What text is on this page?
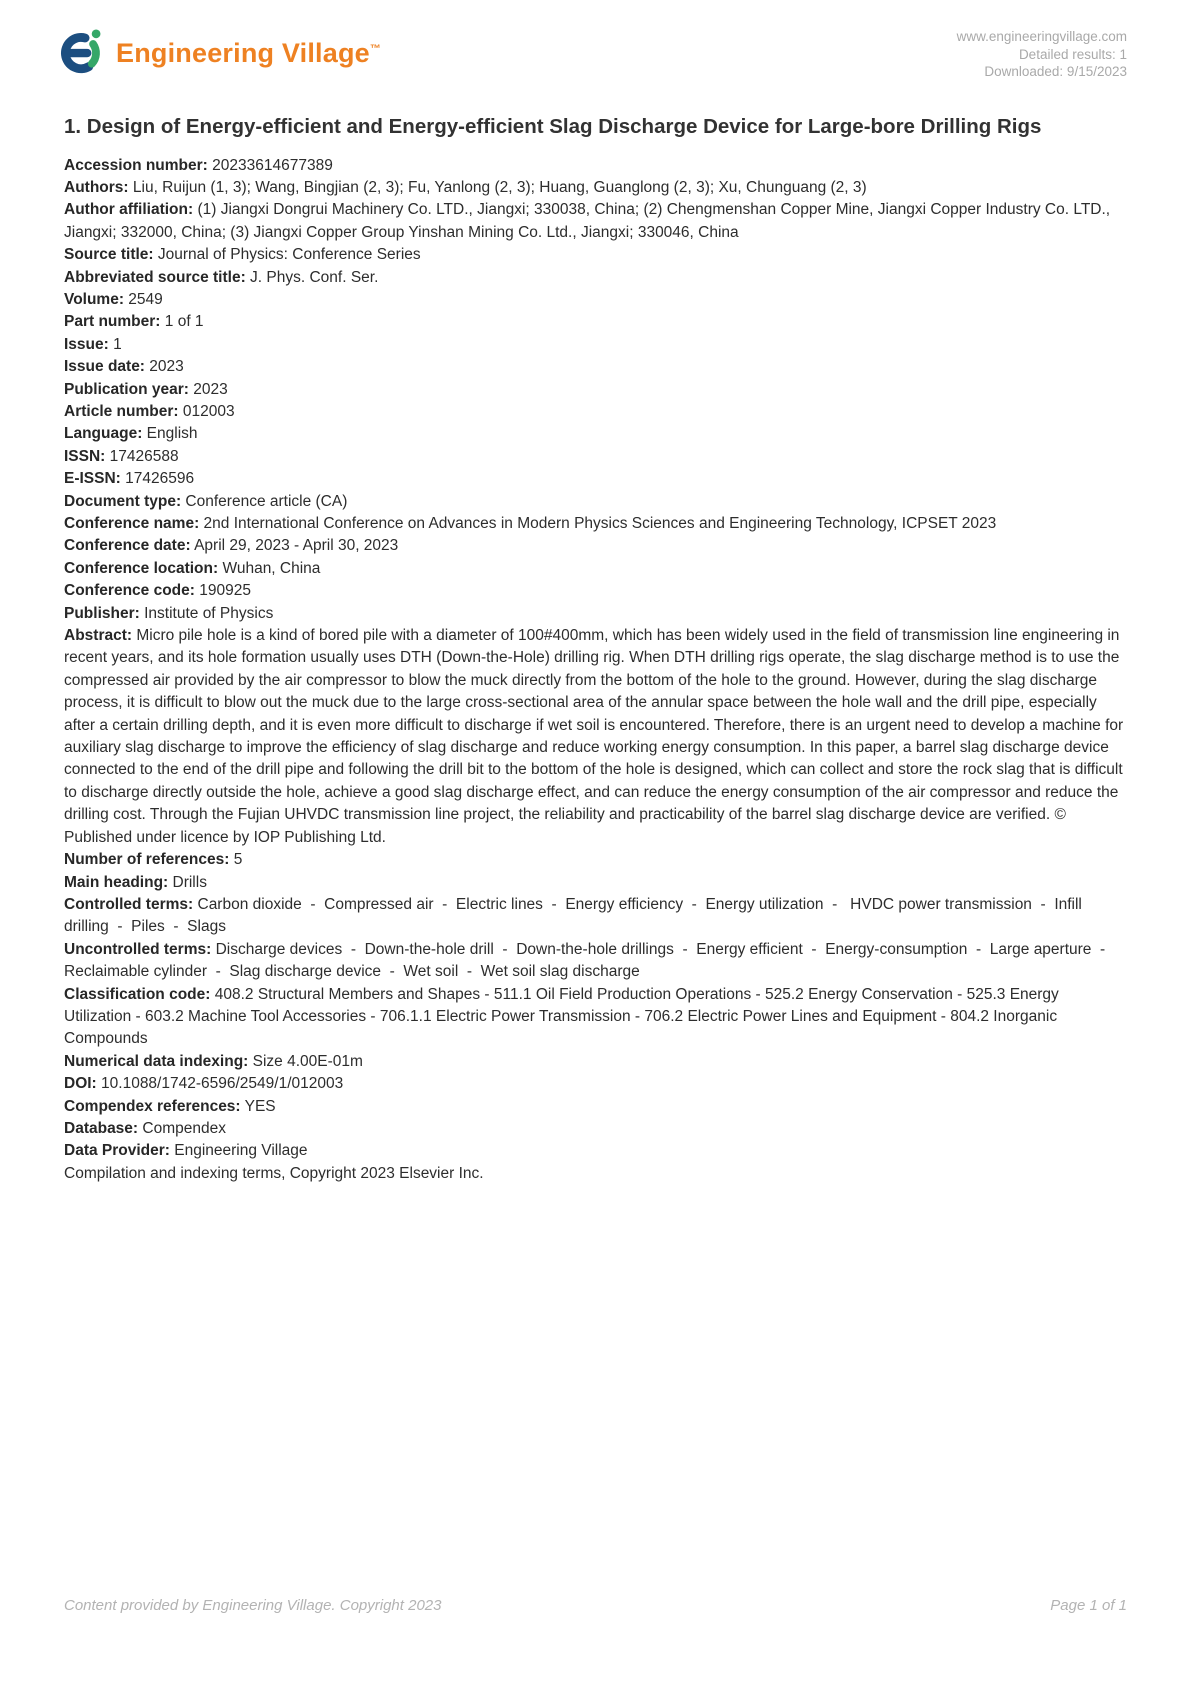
Engineering Village™
www.engineeringvillage.com
Detailed results: 1
Downloaded: 9/15/2023
1. Design of Energy-efficient and Energy-efficient Slag Discharge Device for Large-bore Drilling Rigs
Accession number: 20233614677389
Authors: Liu, Ruijun (1, 3); Wang, Bingjian (2, 3); Fu, Yanlong (2, 3); Huang, Guanglong (2, 3); Xu, Chunguang (2, 3)
Author affiliation: (1) Jiangxi Dongrui Machinery Co. LTD., Jiangxi; 330038, China; (2) Chengmenshan Copper Mine, Jiangxi Copper Industry Co. LTD., Jiangxi; 332000, China; (3) Jiangxi Copper Group Yinshan Mining Co. Ltd., Jiangxi; 330046, China
Source title: Journal of Physics: Conference Series
Abbreviated source title: J. Phys. Conf. Ser.
Volume: 2549
Part number: 1 of 1
Issue: 1
Issue date: 2023
Publication year: 2023
Article number: 012003
Language: English
ISSN: 17426588
E-ISSN: 17426596
Document type: Conference article (CA)
Conference name: 2nd International Conference on Advances in Modern Physics Sciences and Engineering Technology, ICPSET 2023
Conference date: April 29, 2023 - April 30, 2023
Conference location: Wuhan, China
Conference code: 190925
Publisher: Institute of Physics
Abstract: Micro pile hole is a kind of bored pile with a diameter of 100#400mm, which has been widely used in the field of transmission line engineering in recent years, and its hole formation usually uses DTH (Down-the-Hole) drilling rig. When DTH drilling rigs operate, the slag discharge method is to use the compressed air provided by the air compressor to blow the muck directly from the bottom of the hole to the ground. However, during the slag discharge process, it is difficult to blow out the muck due to the large cross-sectional area of the annular space between the hole wall and the drill pipe, especially after a certain drilling depth, and it is even more difficult to discharge if wet soil is encountered. Therefore, there is an urgent need to develop a machine for auxiliary slag discharge to improve the efficiency of slag discharge and reduce working energy consumption. In this paper, a barrel slag discharge device connected to the end of the drill pipe and following the drill bit to the bottom of the hole is designed, which can collect and store the rock slag that is difficult to discharge directly outside the hole, achieve a good slag discharge effect, and can reduce the energy consumption of the air compressor and reduce the drilling cost. Through the Fujian UHVDC transmission line project, the reliability and practicability of the barrel slag discharge device are verified. © Published under licence by IOP Publishing Ltd.
Number of references: 5
Main heading: Drills
Controlled terms: Carbon dioxide  -  Compressed air  -  Electric lines  -  Energy efficiency  -  Energy utilization  -   HVDC power transmission  -  Infill drilling  -  Piles  -  Slags
Uncontrolled terms: Discharge devices  -  Down-the-hole drill  -  Down-the-hole drillings  -  Energy efficient  -  Energy-consumption  -  Large aperture  -  Reclaimable cylinder  -  Slag discharge device  -  Wet soil  -  Wet soil slag discharge
Classification code: 408.2 Structural Members and Shapes - 511.1 Oil Field Production Operations - 525.2 Energy Conservation - 525.3 Energy Utilization - 603.2 Machine Tool Accessories - 706.1.1 Electric Power Transmission - 706.2 Electric Power Lines and Equipment - 804.2 Inorganic Compounds
Numerical data indexing: Size 4.00E-01m
DOI: 10.1088/1742-6596/2549/1/012003
Compendex references: YES
Database: Compendex
Data Provider: Engineering Village
Compilation and indexing terms, Copyright 2023 Elsevier Inc.
Content provided by Engineering Village. Copyright 2023	Page 1 of 1
